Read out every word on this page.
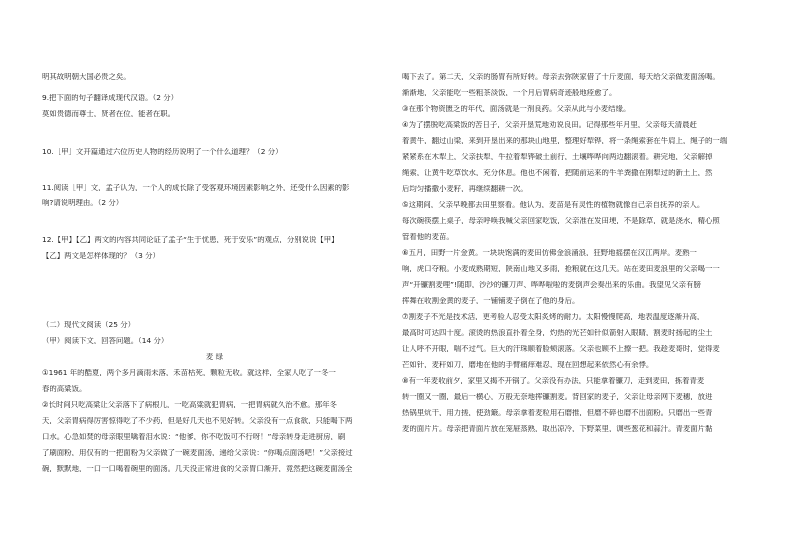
明其故明朝大国必贵之矣。
9.把下面的句子翻译成现代汉语。（2 分）
莫如贵德而尊士，贤者在位，能者在职。
10.［甲］文开篇通过六位历史人物的经历说明了一个什么道理？（2 分）
11.阅读［甲］文，孟子认为，一个人的成长除了受客观环境因素影响之外，还受什么因素的影
响?请说明理由。（2 分）
12.【甲】【乙】两文的内容共同论证了孟子“生于忧患，死于安乐”的观点，分别说说【甲】
【乙】两文是怎样体现的？（3 分）
（二）现代文阅读（25 分）
（甲）阅读下文，回答问题。（14 分）
麦 绿
①1961 年的酷夏，两个多月滴雨未落，禾苗枯死，颗粒无收。就这样，全家人吃了一冬一
春的高粱饭。
②长时间只吃高粱让父亲落下了病根儿，一吃高粱就犯胃病，一把胃病就久治不愈。那年冬
天，父亲胃病得厉害惊得吃了不少药，但是好几天也不见好转。父亲没有一点食欲，只能喝下两
口水。心急如焚的母亲眼里噙着泪水说：“他爹，你不吃饭可不行呀！”母亲转身走进厨房，刷
了刷面粉，用仅有的一把面粉为父亲做了一碗麦面汤，递给父亲说：“你喝点面汤吧！”父亲接过
碗，默默地，一口一口喝着碗里的面汤。几天没正常进食的父亲胃口渐开，竟然把这碗麦面汤全
喝下去了。第二天，父亲的肠胃有所好转。母亲去弥陕家借了十斤麦面，每天给父亲做麦面汤喝。
渐渐地，父亲能吃一些粗茶淡饭，一个月后胃病奇迹般地痊愈了。
③在那个物资匮乏的年代，面汤就是一剂良药。父亲从此与小麦结缘。
④为了摆脱吃高粱饭的苦日子，父亲开垦荒地劝说良田。记得那些年月里，父亲每天清晨赶
着黄牛，翻过山梁，来到开垦出来的那块山地里，整理好犁铧，将一条绳索套在牛肩上，绳子的一端
紧紧系在木犁上，父亲扶犁，牛拉着犁铧破土前行，土壤哗哗向两边翻滚着。耕完地，父亲解掉
绳索，让黄牛吃草饮水，充分休息。他也不闲着，把随前运来的牛羊粪撒在刚犁过的新土上，然
后均匀播撒小麦籽，再继续翻耕一次。
⑤这期间，父亲早晚都去田里察看。他认为，麦苗是有灵性的植物就像自己亲自抚养的亲人。
每次碗筷摆上桌子，母亲呼唤我喊父亲回家吃饭，父亲准在发田埂，不是除草，就是浇水，精心照
管着他的麦苗。
⑥五月，田野一片金黄。一块块饱满的麦田仿佛金浪涌浪，狂野地摇摆在汉江两岸。麦熟一
响，虎口夺粮。小麦成熟期短，陕南山地又多雨，抢粮就在这几天。站在麦田麦浪里的父亲喝一一
声“开镰割麦哩”!随即，沙沙的镰刀声、哗哗啦啦的麦倒声会奏出来的乐曲。我望见父亲有膀
挥舞在收割金黄的麦子，一铺铺麦子倒在了他的身后。
⑦割麦子不光是技术活，更考验人忍受太阳炙烤的耐力。太阳慢慢爬高，地表温度逐渐升高，
最高时可达四十度。滚烫的热浪直扑着全身，灼热的光芒如针似箭射入眼睛，割麦时扬起的尘土
让人呼不开眼，喘不过气。巨大的汗珠顺着脸颊滚落。父亲也顾不上擦一把。我趁麦哥时，觉得麦
芒如针，麦秆如刀，磨地在他的手臂痛痒难忍，现在回想起来依然心有余悸。
⑧有一年麦收前夕，家里又揭不开锅了。父亲没有办法，只能拿着镰刀，走到麦田，拣着青麦
转一圈又一圈，最后一横心，万般无奈地挥镰割麦。背回家的麦子，父亲让母亲网下麦穗，放进
热锅里炕干，用力搓，使劲簸。母亲拿着麦粒用石磨推，但磨不碎也磨不出面粉。只磨出一些青
麦的面片片。母亲把青面片放在笼屉蒸熟，取出凉冷，下野菜里，调些葱花和蒜汁。青麦面片黏
